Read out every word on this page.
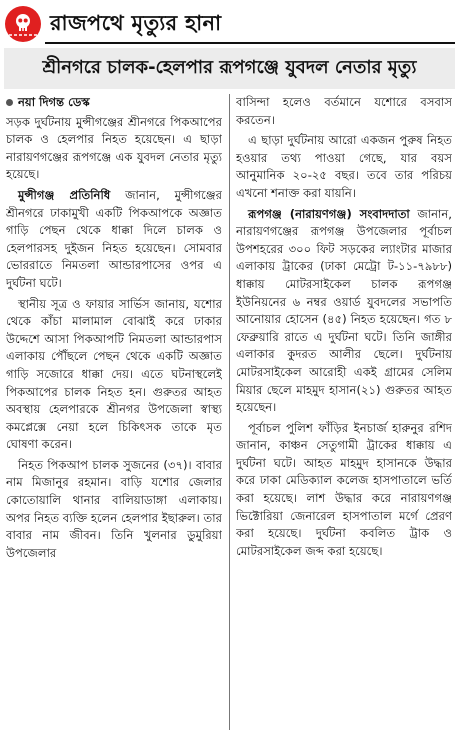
রাজপথে মৃত্যুর হানা
শ্রীনগরে চালক-হেলপার রূপগঞ্জে যুবদল নেতার মৃত্যু
নয়া দিগন্ত ডেস্ক

সড়ক দুর্ঘটনায় মুন্সীগঞ্জের শ্রীনগরে পিকআপের চালক ও হেলপার নিহত হয়েছেন। এ ছাড়া নারায়ণগঞ্জের রূপগঞ্জে এক যুবদল নেতার মৃত্যু হয়েছে।

মুন্সীগঞ্জ প্রতিনিধি জানান, মুন্সীগঞ্জের শ্রীনগরে ঢাকামুখী একটি পিকআপকে অজ্ঞাত গাড়ি পেছন থেকে ধাক্কা দিলে চালক ও হেলপারসহ দুইজন নিহত হয়েছেন। সোমবার ভোররাতে নিমতলা আন্ডারপাসের ওপর এ দুর্ঘটনা ঘটে।

স্থানীয় সূত্র ও ফায়ার সার্ভিস জানায়, যশোর থেকে কাঁচা মালামাল বোঝাই করে ঢাকার উদ্দেশে আসা পিকআপটি নিমতলা আন্ডারপাস এলাকায় পৌঁছলে পেছন থেকে একটি অজ্ঞাত গাড়ি সজোরে ধাক্কা দেয়। এতে ঘটনাস্থলেই পিকআপের চালক নিহত হন। গুরুতর আহত অবস্থায় হেলপারকে শ্রীনগর উপজেলা স্বাস্থ্য কমপ্লেক্সে নেয়া হলে চিকিৎসক তাকে মৃত ঘোষণা করেন।

নিহত পিকআপ চালক সুজনের (৩৭)। বাবার নাম মিজানুর রহমান। বাড়ি যশোর জেলার কোতোয়ালি থানার বালিয়াডাঙ্গা এলাকায়। অপর নিহত ব্যক্তি হলেন হেলপার ইছারুল। তার বাবার নাম জীবন। তিনি খুলনার ডুমুরিয়া উপজেলার

বাসিন্দা হলেও বর্তমানে যশোরে বসবাস করতেন।

এ ছাড়া দুর্ঘটনায় আরো একজন পুরুষ নিহত হওয়ার তথ্য পাওয়া গেছে, যার বয়স আনুমানিক ২০-২৫ বছর। তবে তার পরিচয় এখনো শনাক্ত করা যায়নি।

রূপগঞ্জ (নারায়ণগঞ্জ) সংবাদদাতা জানান, নারায়ণগঞ্জের রূপগঞ্জ উপজেলার পূর্বাচল উপশহরের ৩০০ ফিট সড়কের ল্যাংটার মাজার এলাকায় ট্রাকের (ঢাকা মেট্রো ট-১১-৭৯৮৮) ধাক্কায় মোটরসাইকেল চালক রূপগঞ্জ ইউনিয়নের ৬ নম্বর ওয়ার্ড যুবদলের সভাপতি আনোয়ার হোসেন (৪৫) নিহত হয়েছেন। গত ৮ ফেব্রুয়ারি রাতে এ দুর্ঘটনা ঘটে। তিনি জাঙ্গীর এলাকার কুদরত আলীর ছেলে। দুর্ঘটনায় মোটরসাইকেল আরোহী একই গ্রামের সেলিম মিয়ার ছেলে মাহমুদ হাসান(২১) গুরুতর আহত হয়েছেন।

পূর্বাচল পুলিশ ফাঁড়ির ইনচার্জ হারুনুর রশিদ জানান, কাঞ্চন সেতুগামী ট্রাকের ধাক্কায় এ দুর্ঘটনা ঘটে। আহত মাহমুদ হাসানকে উদ্ধার করে ঢাকা মেডিক্যাল কলেজ হাসপাতালে ভর্তি করা হয়েছে। লাশ উদ্ধার করে নারায়ণগঞ্জ ভিক্টোরিয়া জেনারেল হাসপাতাল মর্গে প্রেরণ করা হয়েছে। দুর্ঘটনা কবলিত ট্রাক ও মোটরসাইকেল জব্দ করা হয়েছে।
